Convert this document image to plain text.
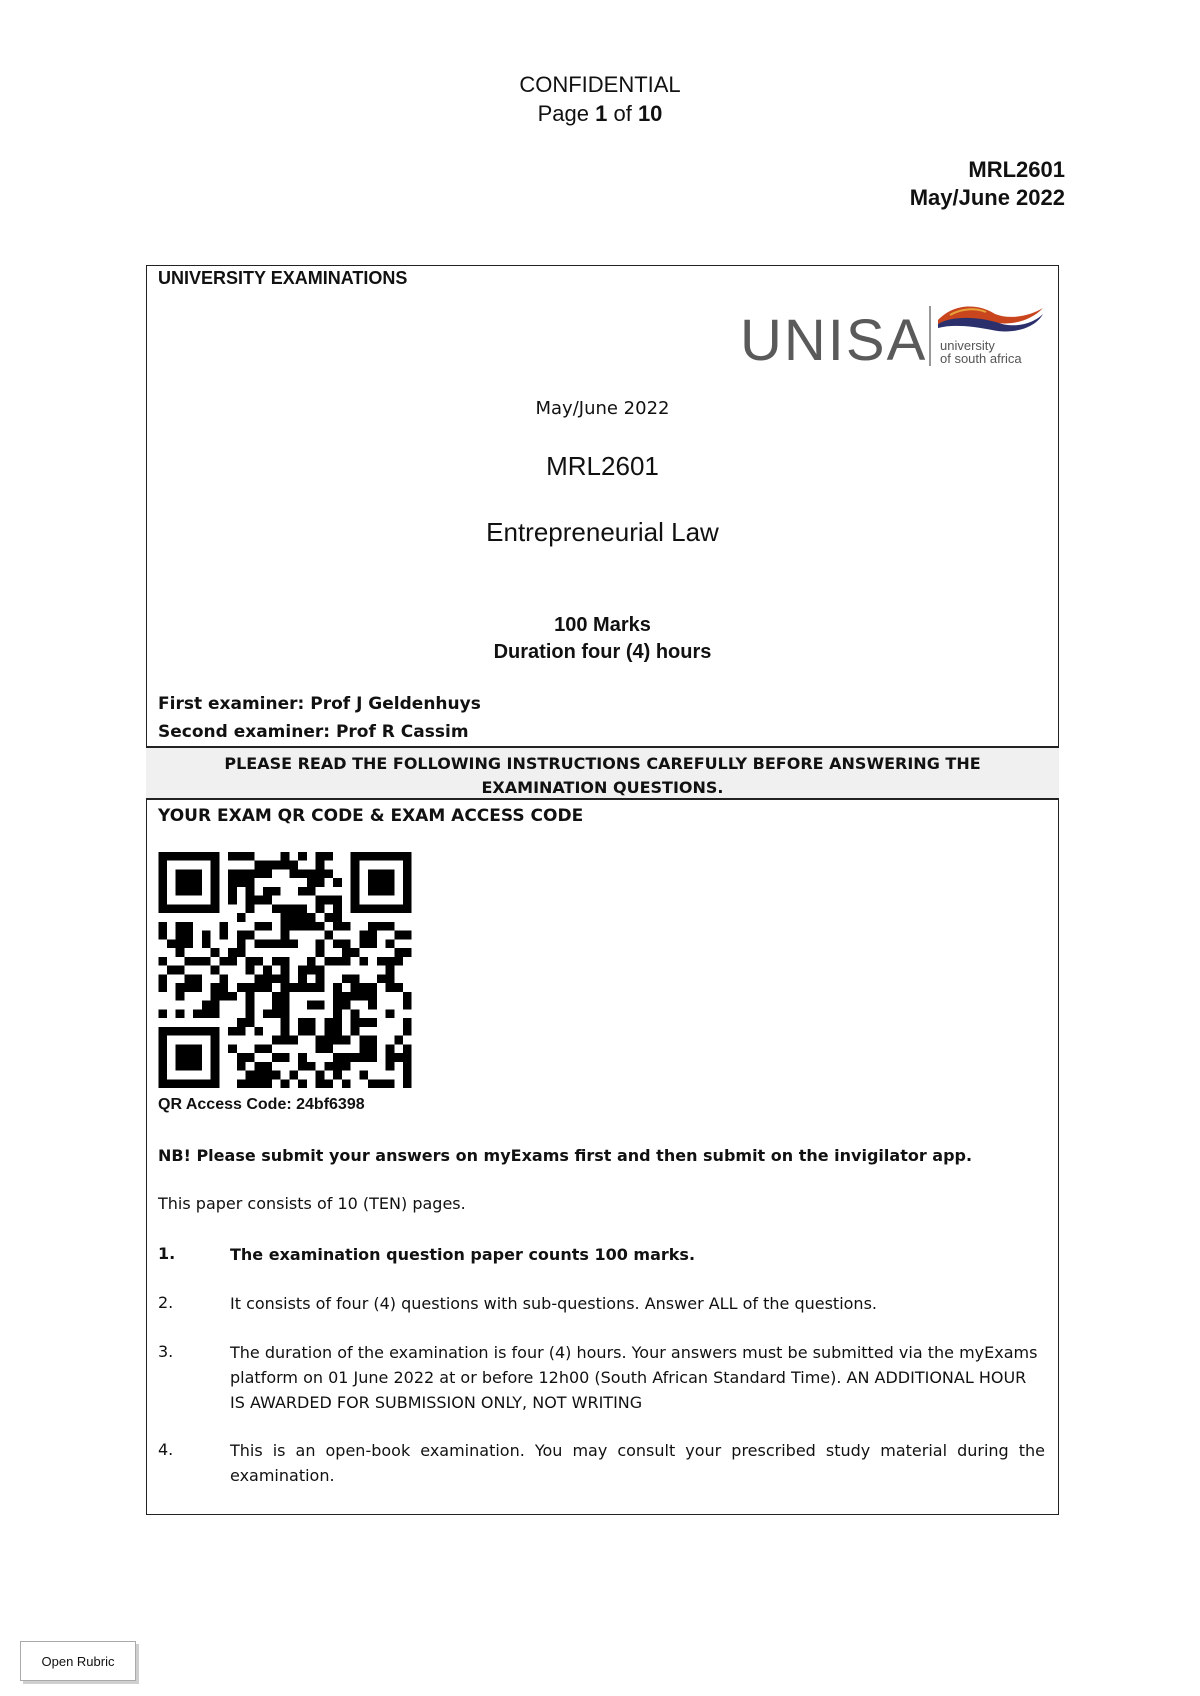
CONFIDENTIAL
Page 1 of 10
MRL2601
May/June 2022
UNIVERSITY EXAMINATIONS
UNISA university
of south africa
May/June 2022
MRL2601
Entrepreneurial Law
100 Marks
Duration four (4) hours
First examiner: Prof J Geldenhuys
Second examiner: Prof R Cassim
PLEASE READ THE FOLLOWING INSTRUCTIONS CAREFULLY BEFORE ANSWERING THE EXAMINATION QUESTIONS.
YOUR EXAM QR CODE & EXAM ACCESS CODE
QR Access Code: 24bf6398
NB! Please submit your answers on myExams first and then submit on the invigilator app.
This paper consists of 10 (TEN) pages.
1.	The examination question paper counts 100 marks.
2.	It consists of four (4) questions with sub-questions. Answer ALL of the questions.
3.	The duration of the examination is four (4) hours. Your answers must be submitted via the myExams platform on 01 June 2022 at or before 12h00 (South African Standard Time). AN ADDITIONAL HOUR IS AWARDED FOR SUBMISSION ONLY, NOT WRITING
4.	This is an open-book examination. You may consult your prescribed study material during the examination.
Open Rubric
